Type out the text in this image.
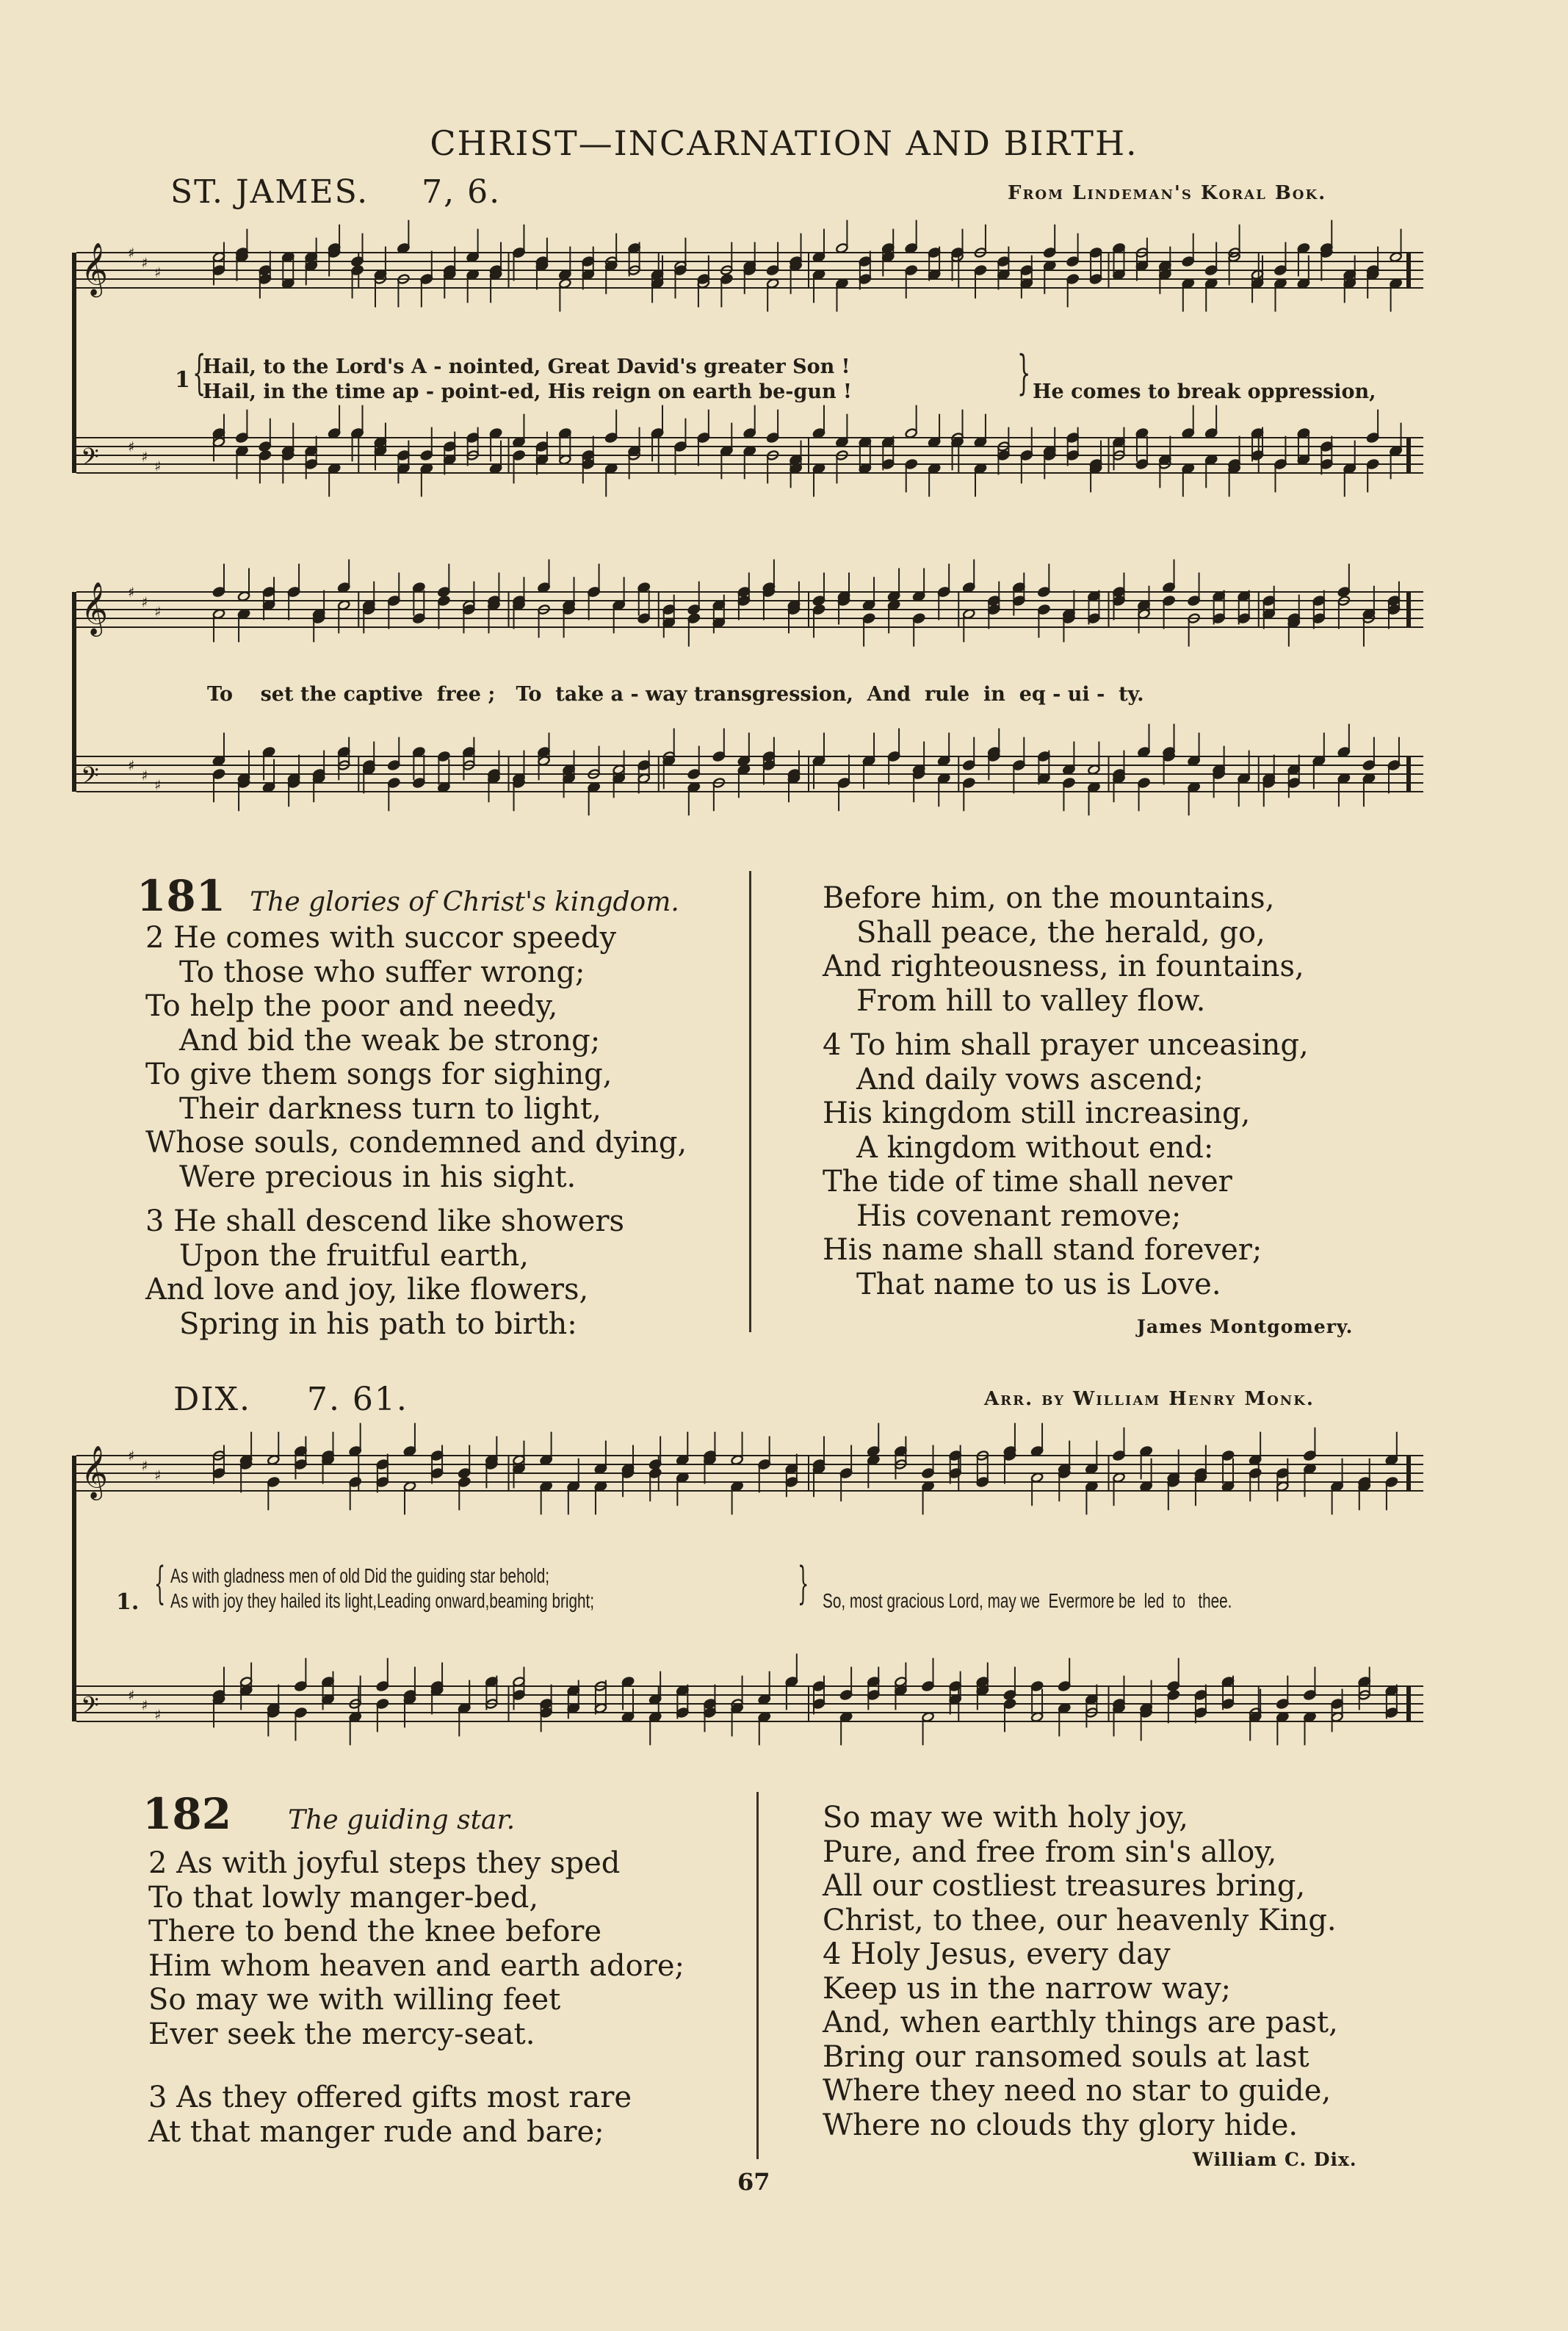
CHRIST—INCARNATION AND BIRTH.
ST. JAMES. 7, 6.	From Lindeman's Koral Bok.
𝄞 ♯
♯
♯
𝄢 ♯
♯
♯
1 {
Hail, to the Lord's A - nointed, Great David's greater Son !
Hail, in the time ap - point-ed, His reign on earth be-gun !	} He comes to break oppression,
𝄞 ♯
♯
♯
𝄢 ♯
♯
♯
To    set the captive  free ;   To  take a - way transgression,  And  rule  in  eq - ui -  ty.
181 The glories of Christ's kingdom.
2 He comes with succor speedy
To those who suffer wrong;
To help the poor and needy,
And bid the weak be strong;
To give them songs for sighing,
Their darkness turn to light,
Whose souls, condemned and dying,
Were precious in his sight.
3 He shall descend like showers
Upon the fruitful earth,
And love and joy, like flowers,
Spring in his path to birth:
Before him, on the mountains,
Shall peace, the herald, go,
And righteousness, in fountains,
From hill to valley flow.
4 To him shall prayer unceasing,
And daily vows ascend;
His kingdom still increasing,
A kingdom without end:
The tide of time shall never
His covenant remove;
His name shall stand forever;
That name to us is Love.
James Montgomery.
DIX. 7. 61.	Arr. by William Henry Monk.
𝄞 ♯
♯
♯
𝄢 ♯
♯
♯
1. { As with gladness men of old Did the guiding star behold;
As with joy they hailed its light,Leading onward,beaming bright;	} So, most gracious Lord, may we  Evermore be  led  to   thee.
182 The guiding star.
2 As with joyful steps they sped
To that lowly manger-bed,
There to bend the knee before
Him whom heaven and earth adore;
So may we with willing feet
Ever seek the mercy-seat.
3 As they offered gifts most rare
At that manger rude and bare;
So may we with holy joy,
Pure, and free from sin's alloy,
All our costliest treasures bring,
Christ, to thee, our heavenly King.
4 Holy Jesus, every day
Keep us in the narrow way;
And, when earthly things are past,
Bring our ransomed souls at last
Where they need no star to guide,
Where no clouds thy glory hide.
William C. Dix.
67
